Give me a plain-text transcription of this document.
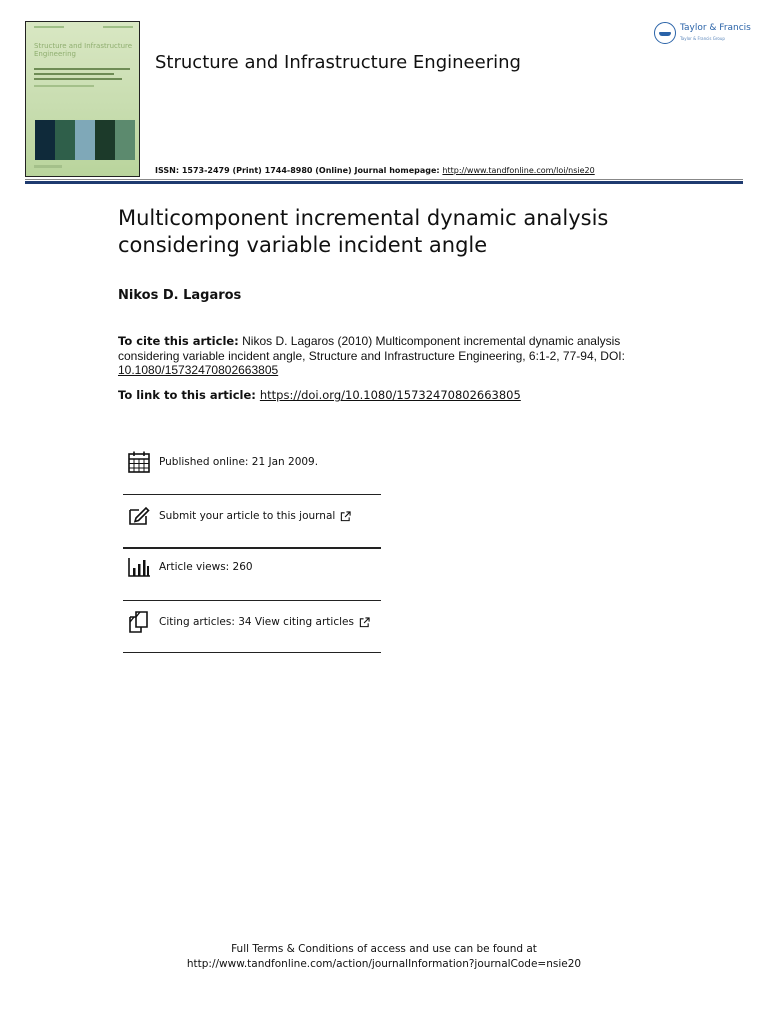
Structure and Infrastructure Engineering	Structure and Infrastructure Engineering
Taylor & Francis
Taylor & Francis Group
ISSN: 1573-2479 (Print) 1744-8980 (Online) Journal homepage: http://www.tandfonline.com/loi/nsie20
Multicomponent incremental dynamic analysis considering variable incident angle
Nikos D. Lagaros
To cite this article: Nikos D. Lagaros (2010) Multicomponent incremental dynamic analysis considering variable incident angle, Structure and Infrastructure Engineering, 6:1-2, 77-94, DOI: 10.1080/15732470802663805
To link to this article: https://doi.org/10.1080/15732470802663805
Published online: 21 Jan 2009.
Submit your article to this journal
Article views: 260
Citing articles: 34 View citing articles
Full Terms & Conditions of access and use can be found at
http://www.tandfonline.com/action/journalInformation?journalCode=nsie20
